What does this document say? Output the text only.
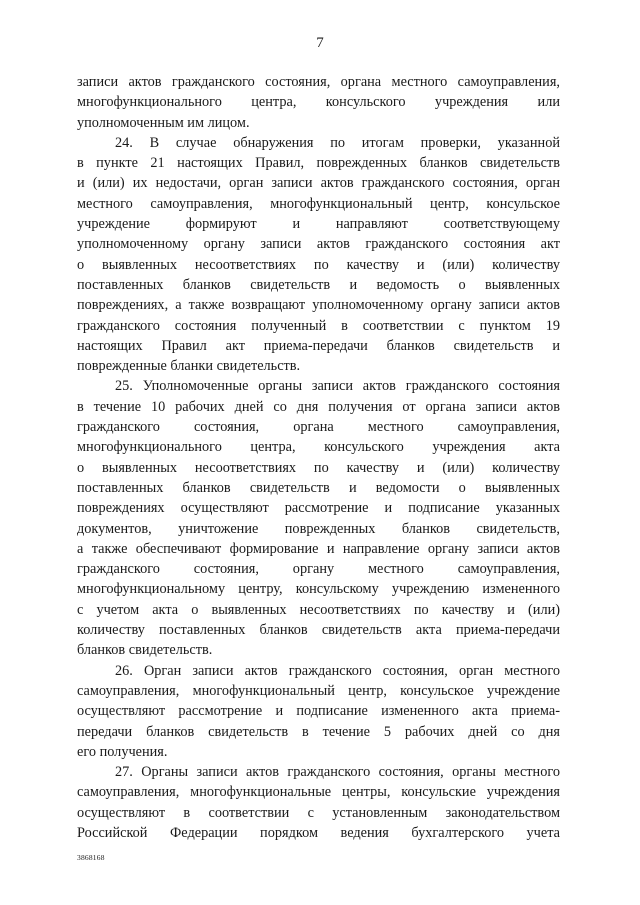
7
записи актов гражданского состояния, органа местного самоуправления,
многофункционального центра, консульского учреждения или
уполномоченным им лицом.
24. В случае обнаружения по итогам проверки, указанной
в пункте 21 настоящих Правил, поврежденных бланков свидетельств
и (или) их недостачи, орган записи актов гражданского состояния, орган
местного самоуправления, многофункциональный центр, консульское
учреждение формируют и направляют соответствующему
уполномоченному органу записи актов гражданского состояния акт
о выявленных несоответствиях по качеству и (или) количеству
поставленных бланков свидетельств и ведомость о выявленных
повреждениях, а также возвращают уполномоченному органу записи актов
гражданского состояния полученный в соответствии с пунктом 19
настоящих Правил акт приема-передачи бланков свидетельств и
поврежденные бланки свидетельств.
25. Уполномоченные органы записи актов гражданского состояния
в течение 10 рабочих дней со дня получения от органа записи актов
гражданского состояния, органа местного самоуправления,
многофункционального центра, консульского учреждения акта
о выявленных несоответствиях по качеству и (или) количеству
поставленных бланков свидетельств и ведомости о выявленных
повреждениях осуществляют рассмотрение и подписание указанных
документов, уничтожение поврежденных бланков свидетельств,
а также обеспечивают формирование и направление органу записи актов
гражданского состояния, органу местного самоуправления,
многофункциональному центру, консульскому учреждению измененного
с учетом акта о выявленных несоответствиях по качеству и (или)
количеству поставленных бланков свидетельств акта приема-передачи
бланков свидетельств.
26. Орган записи актов гражданского состояния, орган местного
самоуправления, многофункциональный центр, консульское учреждение
осуществляют рассмотрение и подписание измененного акта приема-
передачи бланков свидетельств в течение 5 рабочих дней со дня
его получения.
27. Органы записи актов гражданского состояния, органы местного
самоуправления, многофункциональные центры, консульские учреждения
осуществляют в соответствии с установленным законодательством
Российской Федерации порядком ведения бухгалтерского учета
3868168
